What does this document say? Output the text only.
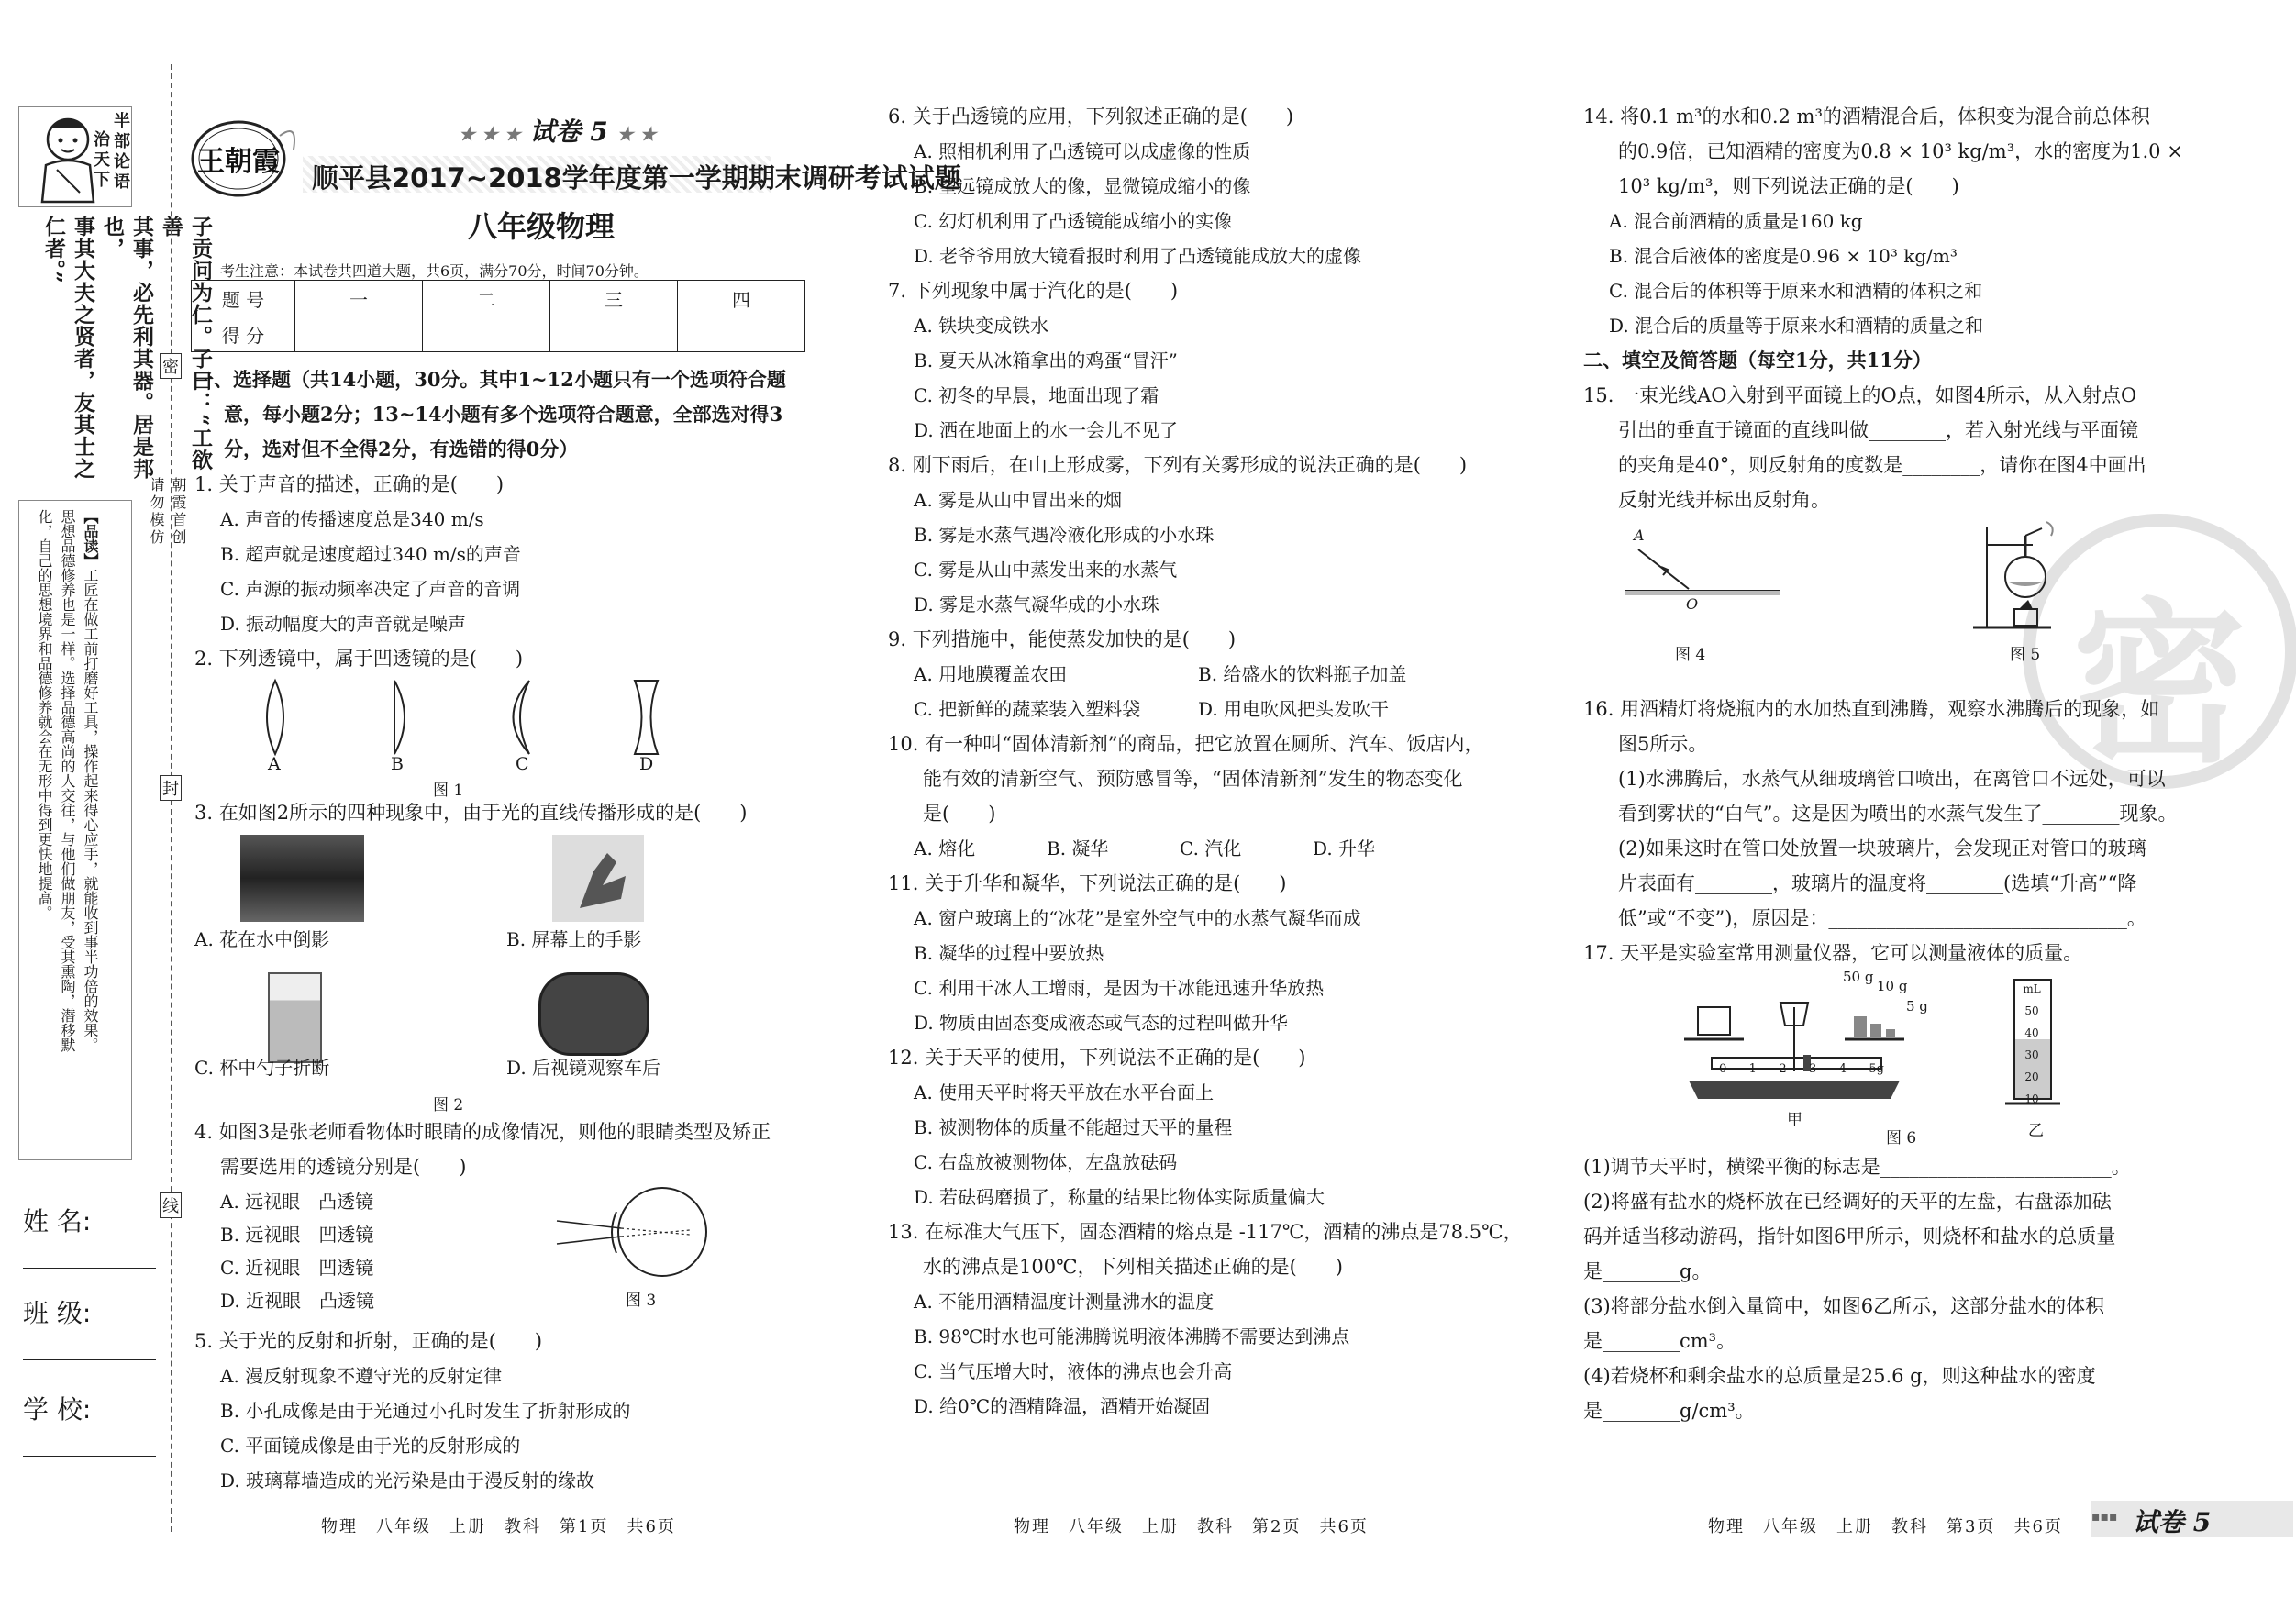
半部论语
治天下
子贡问为仁。子曰：“工欲善
其事，必先利其器。居是邦也，
事其大夫之贤者，友其士之仁者。”
【品读】工匠在做工前打磨好工具，操作起来得心应手，就能收到事半功倍的效果。
思想品德修养也是一样。选择品德高尚的人交往，与他们做朋友，受其熏陶，潜移默
化，自己的思想境界和品德修养就会在无形中得到更快地提高。	朝霞首创
请勿模仿
姓 名:
班 级:
学 校:
密
封
线
王朝霞
★ ★ ★ 试卷 5 ★ ★
顺平县2017~2018学年度第一学期期末调研考试试题
八年级物理
考生注意：本试卷共四道大题，共6页，满分70分，时间70分钟。
题 号	一	二	三	四
得 分				
一、选择题（共14小题，30分。其中1~12小题只有一个选项符合题
意，每小题2分；13~14小题有多个选项符合题意，全部选对得3
分，选对但不全得2分，有选错的得0分）
1. 关于声音的描述，正确的是(　　)
A. 声音的传播速度总是340 m/s
B. 超声就是速度超过340 m/s的声音
C. 声源的振动频率决定了声音的音调
D. 振动幅度大的声音就是噪声
2. 下列透镜中，属于凹透镜的是(　　)
A	B	C	D
图 1
3. 在如图2所示的四种现象中，由于光的直线传播形成的是(　　)
A. 花在水中倒影	B. 屏幕上的手影
C. 杯中勺子折断	D. 后视镜观察车后
图 2
4. 如图3是张老师看物体时眼睛的成像情况，则他的眼睛类型及矫正
需要选用的透镜分别是(　　)
A. 远视眼　凸透镜
B. 远视眼　凹透镜
C. 近视眼　凹透镜
D. 近视眼　凸透镜	图 3
5. 关于光的反射和折射，正确的是(　　)
A. 漫反射现象不遵守光的反射定律
B. 小孔成像是由于光通过小孔时发生了折射形成的
C. 平面镜成像是由于光的反射形成的
D. 玻璃幕墙造成的光污染是由于漫反射的缘故
物理　八年级　上册　教科　第1页　共6页
6. 关于凸透镜的应用，下列叙述正确的是(　　)
A. 照相机利用了凸透镜可以成虚像的性质
B. 望远镜成放大的像，显微镜成缩小的像
C. 幻灯机利用了凸透镜能成缩小的实像
D. 老爷爷用放大镜看报时利用了凸透镜能成放大的虚像
7. 下列现象中属于汽化的是(　　)
A. 铁块变成铁水
B. 夏天从冰箱拿出的鸡蛋“冒汗”
C. 初冬的早晨，地面出现了霜
D. 洒在地面上的水一会儿不见了
8. 刚下雨后，在山上形成雾，下列有关雾形成的说法正确的是(　　)
A. 雾是从山中冒出来的烟
B. 雾是水蒸气遇冷液化形成的小水珠
C. 雾是从山中蒸发出来的水蒸气
D. 雾是水蒸气凝华成的小水珠
9. 下列措施中，能使蒸发加快的是(　　)
A. 用地膜覆盖农田	B. 给盛水的饮料瓶子加盖
C. 把新鲜的蔬菜装入塑料袋	D. 用电吹风把头发吹干
10. 有一种叫“固体清新剂”的商品，把它放置在厕所、汽车、饭店内，
能有效的清新空气、预防感冒等，“固体清新剂”发生的物态变化
是(　　)
A. 熔化	B. 凝华	C. 汽化	D. 升华
11. 关于升华和凝华，下列说法正确的是(　　)
A. 窗户玻璃上的“冰花”是室外空气中的水蒸气凝华而成
B. 凝华的过程中要放热
C. 利用干冰人工增雨，是因为干冰能迅速升华放热
D. 物质由固态变成液态或气态的过程叫做升华
12. 关于天平的使用，下列说法不正确的是(　　)
A. 使用天平时将天平放在水平台面上
B. 被测物体的质量不能超过天平的量程
C. 右盘放被测物体，左盘放砝码
D. 若砝码磨损了，称量的结果比物体实际质量偏大
13. 在标准大气压下，固态酒精的熔点是 -117℃，酒精的沸点是78.5℃，
水的沸点是100℃，下列相关描述正确的是(　　)
A. 不能用酒精温度计测量沸水的温度
B. 98℃时水也可能沸腾说明液体沸腾不需要达到沸点
C. 当气压增大时，液体的沸点也会升高
D. 给0℃的酒精降温，酒精开始凝固
物理　八年级　上册　教科　第2页　共6页
密
14. 将0.1 m³的水和0.2 m³的酒精混合后，体积变为混合前总体积
的0.9倍，已知酒精的密度为0.8 × 10³ kg/m³，水的密度为1.0 ×
10³ kg/m³，则下列说法正确的是(　　)
A. 混合前酒精的质量是160 kg
B. 混合后液体的密度是0.96 × 10³ kg/m³
C. 混合后的体积等于原来水和酒精的体积之和
D. 混合后的质量等于原来水和酒精的质量之和
二、填空及简答题（每空1分，共11分）
15. 一束光线AO入射到平面镜上的O点，如图4所示，从入射点O
引出的垂直于镜面的直线叫做________，若入射光线与平面镜
的夹角是40°，则反射角的度数是________，请你在图4中画出
反射光线并标出反射角。
A
O
图 4	图 5
16. 用酒精灯将烧瓶内的水加热直到沸腾，观察水沸腾后的现象，如
图5所示。
(1)水沸腾后，水蒸气从细玻璃管口喷出，在离管口不远处，可以
看到雾状的“白气”。这是因为喷出的水蒸气发生了________现象。
(2)如果这时在管口处放置一块玻璃片，会发现正对管口的玻璃
片表面有________，玻璃片的温度将________(选填“升高”“降
低”或“不变”)，原因是：_______________________________。
17. 天平是实验室常用测量仪器，它可以测量液体的质量。
50 g
10 g
5 g
0 1 2 3 4 5g
甲
mL
50
40
30
20
10
乙
图 6
(1)调节天平时，横梁平衡的标志是________________________。
(2)将盛有盐水的烧杯放在已经调好的天平的左盘，右盘添加砝
码并适当移动游码，指针如图6甲所示，则烧杯和盐水的总质量
是________g。
(3)将部分盐水倒入量筒中，如图6乙所示，这部分盐水的体积
是________cm³。
(4)若烧杯和剩余盐水的总质量是25.6 g，则这种盐水的密度
是________g/cm³。
物理　八年级　上册　教科　第3页　共6页 ▪▪▪ 试卷 5
